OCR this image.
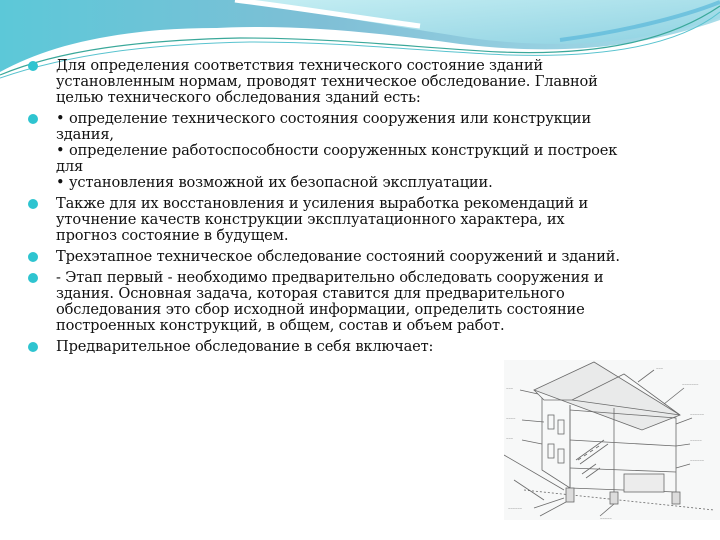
Для определения соответствия технического состояние зданий
установленным нормам, проводят техническое обследование. Главной
целью технического обследования зданий есть:
• определение технического состояния сооружения или конструкции
здания,
• определение работоспособности сооруженных конструкций и построек
для
• установления возможной их безопасной эксплуатации.
Также для их восстановления и усиления выработка рекомендаций и
уточнение качеств конструкции эксплуатационного характера, их
прогноз состояние в будущем.
Трехэтапное техническое обследование состояний сооружений и зданий.
- Этап первый - необходимо предварительно обследовать сооружения и
здания. Основная задача, которая ставится для предварительного
обследования это сбор исходной информации, определить состояние
построенных конструкций, в общем, состав и объем работ.
Предварительное обследование в себя включает:
~~~
~~~~
~~~
~~~
~~~~~~~
~~~~~~
~~~~~
~~~~~~
~~~~~~
~~~~~
